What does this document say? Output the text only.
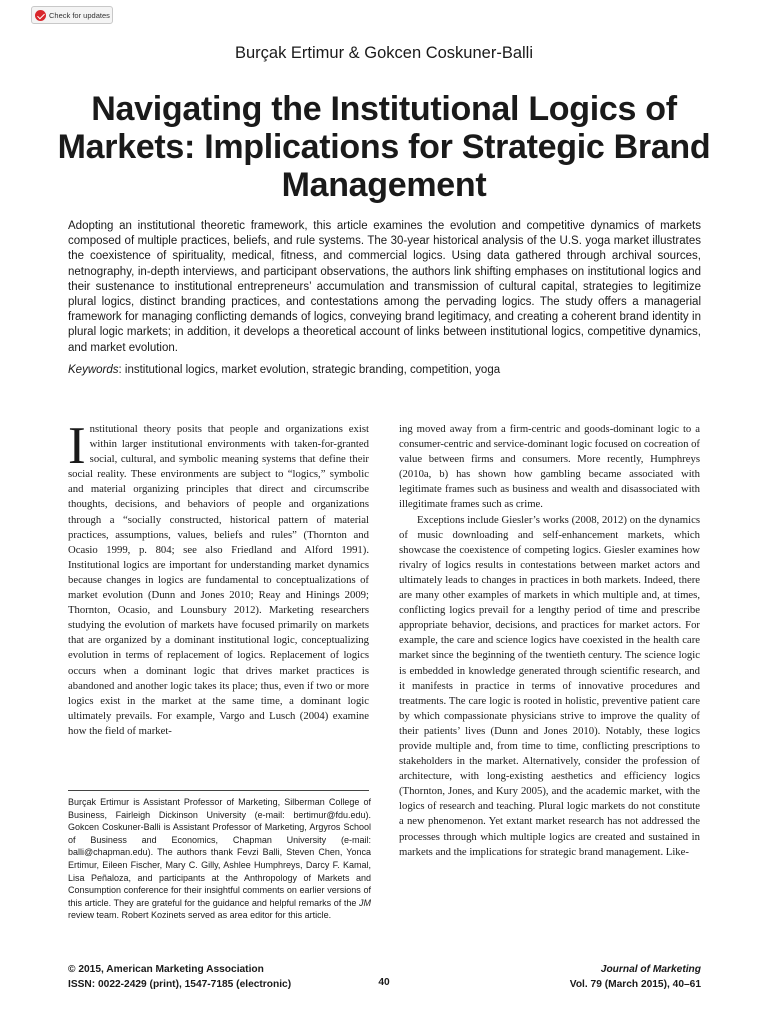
Check for updates
Burçak Ertimur & Gokcen Coskuner-Balli
Navigating the Institutional Logics of Markets: Implications for Strategic Brand Management

Adopting an institutional theoretic framework, this article examines the evolution and competitive dynamics of markets composed of multiple practices, beliefs, and rule systems. The 30-year historical analysis of the U.S. yoga market illustrates the coexistence of spirituality, medical, fitness, and commercial logics. Using data gathered through archival sources, netnography, in-depth interviews, and participant observations, the authors link shifting emphases on institutional logics and their sustenance to institutional entrepreneurs’ accumulation and transmission of cultural capital, strategies to legitimize plural logics, distinct branding practices, and contestations among the pervading logics. The study offers a managerial framework for managing conflicting demands of logics, conveying brand legitimacy, and creating a coherent brand identity in plural logic markets; in addition, it develops a theoretical account of links between institutional logics, competitive dynamics, and market evolution.

Keywords: institutional logics, market evolution, strategic branding, competition, yoga

Institutional theory posits that people and organizations exist within larger institutional environments with taken-for-granted social, cultural, and symbolic meaning systems that define their social reality. These environments are subject to “logics,” symbolic and material organizing principles that direct and circumscribe thoughts, decisions, and behaviors of people and organizations through a “socially constructed, historical pattern of material practices, assumptions, values, beliefs and rules” (Thornton and Ocasio 1999, p. 804; see also Friedland and Alford 1991). Institutional logics are important for understanding market dynamics because changes in logics are fundamental to conceptualizations of market evolution (Dunn and Jones 2010; Reay and Hinings 2009; Thornton, Ocasio, and Lounsbury 2012). Marketing researchers studying the evolution of markets have focused primarily on markets that are organized by a dominant institutional logic, conceptualizing evolution in terms of replacement of logics. Replacement of logics occurs when a dominant logic that drives market practices is abandoned and another logic takes its place; thus, even if two or more logics exist in the market at the same time, a dominant logic ultimately prevails. For example, Vargo and Lusch (2004) examine how the field of market-

ing moved away from a firm-centric and goods-dominant logic to a consumer-centric and service-dominant logic focused on cocreation of value between firms and consumers. More recently, Humphreys (2010a, b) has shown how gambling became associated with legitimate frames such as business and wealth and disassociated with illegitimate frames such as crime.

Exceptions include Giesler’s works (2008, 2012) on the dynamics of music downloading and self-enhancement markets, which showcase the coexistence of competing logics. Giesler examines how rivalry of logics results in contestations between market actors and ultimately leads to changes in practices in both markets. Indeed, there are many other examples of markets in which multiple and, at times, conflicting logics prevail for a lengthy period of time and prescribe appropriate behavior, decisions, and practices for market actors. For example, the care and science logics have coexisted in the health care market since the beginning of the twentieth century. The science logic is embedded in knowledge generated through scientific research, and it manifests in practice in terms of innovative procedures and treatments. The care logic is rooted in holistic, preventive patient care by which compassionate physicians strive to improve the quality of their patients’ lives (Dunn and Jones 2010). Notably, these logics provide multiple and, from time to time, conflicting prescriptions to stakeholders in the market. Alternatively, consider the profession of architecture, with long-existing aesthetics and efficiency logics (Thornton, Jones, and Kury 2005), and the academic market, with the logics of research and teaching. Plural logic markets do not constitute a new phenomenon. Yet extant market research has not addressed the processes through which multiple logics are created and sustained in markets and the implications for strategic brand management. Like-

Burçak Ertimur is Assistant Professor of Marketing, Silberman College of Business, Fairleigh Dickinson University (e-mail: bertimur@fdu.edu). Gokcen Coskuner-Balli is Assistant Professor of Marketing, Argyros School of Business and Economics, Chapman University (e-mail: balli@chapman.edu). The authors thank Fevzi Balli, Steven Chen, Yonca Ertimur, Eileen Fischer, Mary C. Gilly, Ashlee Humphreys, Darcy F. Kamal, Lisa Peñaloza, and participants at the Anthropology of Markets and Consumption conference for their insightful comments on earlier versions of this article. They are grateful for the guidance and helpful remarks of the JM review team. Robert Kozinets served as area editor for this article.

© 2015, American Marketing Association
ISSN: 0022-2429 (print), 1547-7185 (electronic)	40

Journal of Marketing
Vol. 79 (March 2015), 40–61
